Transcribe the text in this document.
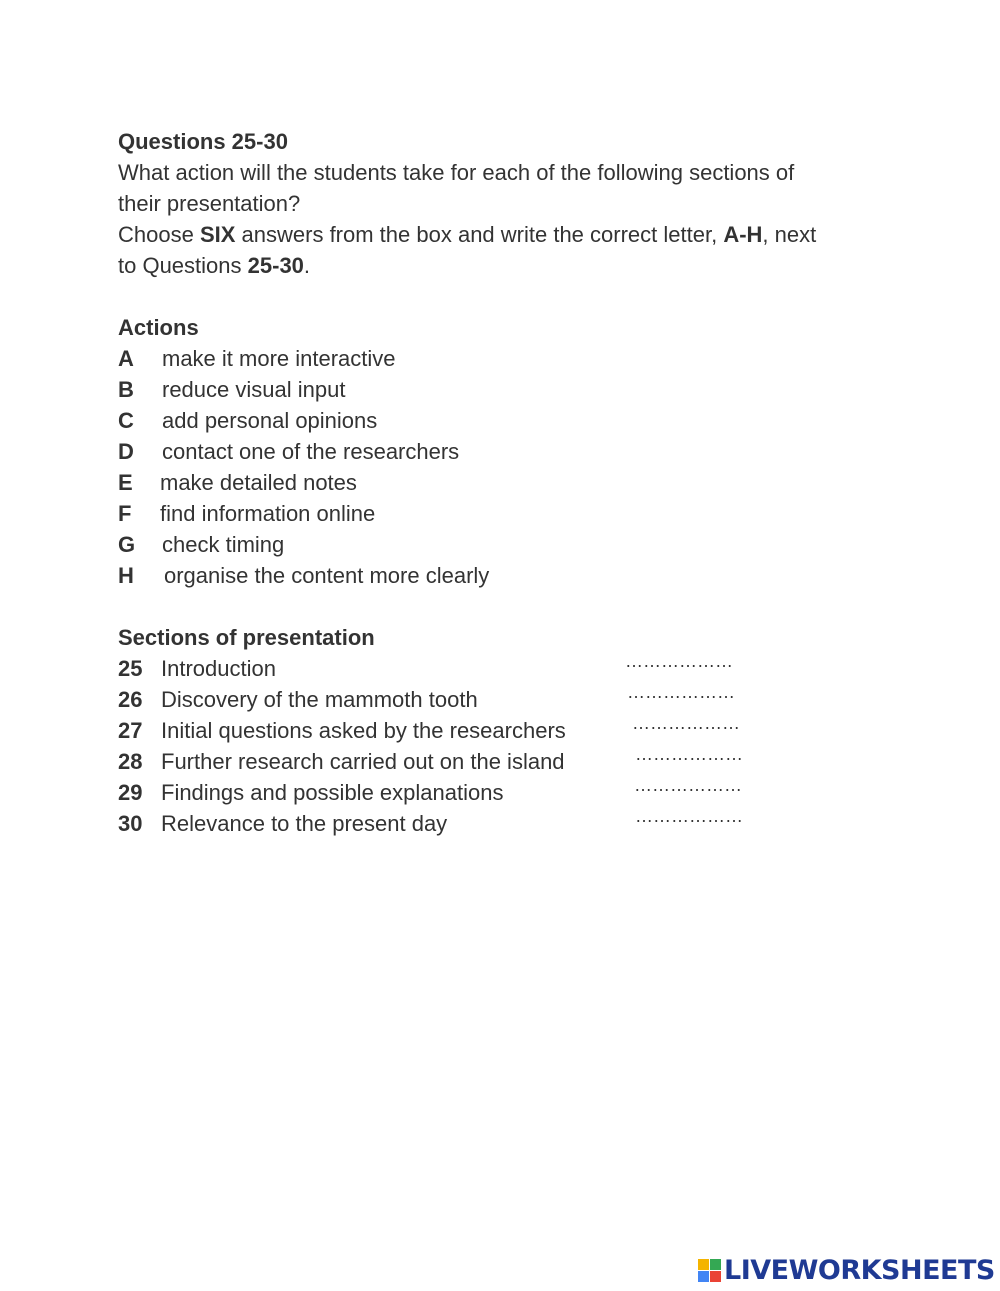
Questions 25-30
What action will the students take for each of the following sections of
their presentation?
Choose SIX answers from the box and write the correct letter, A-H, next
to Questions 25-30.
Actions
A	make it more interactive
B	reduce visual input
C	add personal opinions
D	contact one of the researchers
E	make detailed notes
F	find information online
G	check timing
H	organise the content more clearly
Sections of presentation
25 Introduction	………………
26 Discovery of the mammoth tooth	………………
27 Initial questions asked by the researchers	………………
28 Further research carried out on the island	………………
29 Findings and possible explanations	………………
30 Relevance to the present day	………………
LIVEWORKSHEETS
